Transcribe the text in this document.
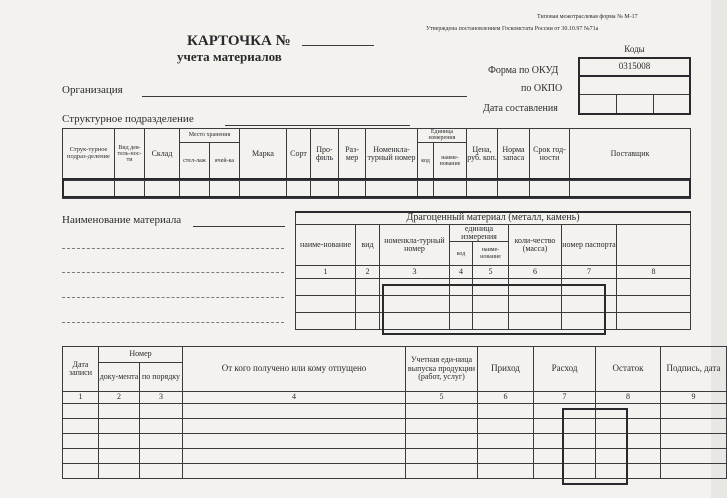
Типовая межотраслевая форма № М-17
Утверждена постановлением Госкомстата России от 30.10.97 №71а
КАРТОЧКА №
учета материалов	Коды
0315008

Форма по ОКУД
по ОКПО
Дата составления
Организация
Структурное подразделение
Струк-турное подраз-деление	Вид дея-тель-нос-ти	Склад	Место хранения		Марка	Сорт	Про-филь	Раз-мер	Номенкла-турный номер	Единица измерения		Цена, руб. коп.	Норма запаса	Срок год-ности	Поставщик
			стел-лаж	ячей-ка						код	наиме-нование				

Наименование материала	Драгоценный материал (металл, камень)							
наиме-нование	вид	номенкла-турный номер	единица измерения		коли-чество (масса)	номер паспорта	
			код	наиме-нование			
1	2	3	4	5	6	7	8

Дата записи	Номер		От кого получено или кому отпущено	Учетная еди-ница выпуска продукции (работ, услуг)	Приход	Расход	Остаток	Подпись, дата
	доку-мента	по порядку						
1	2	3	4	5	6	7	8	9
